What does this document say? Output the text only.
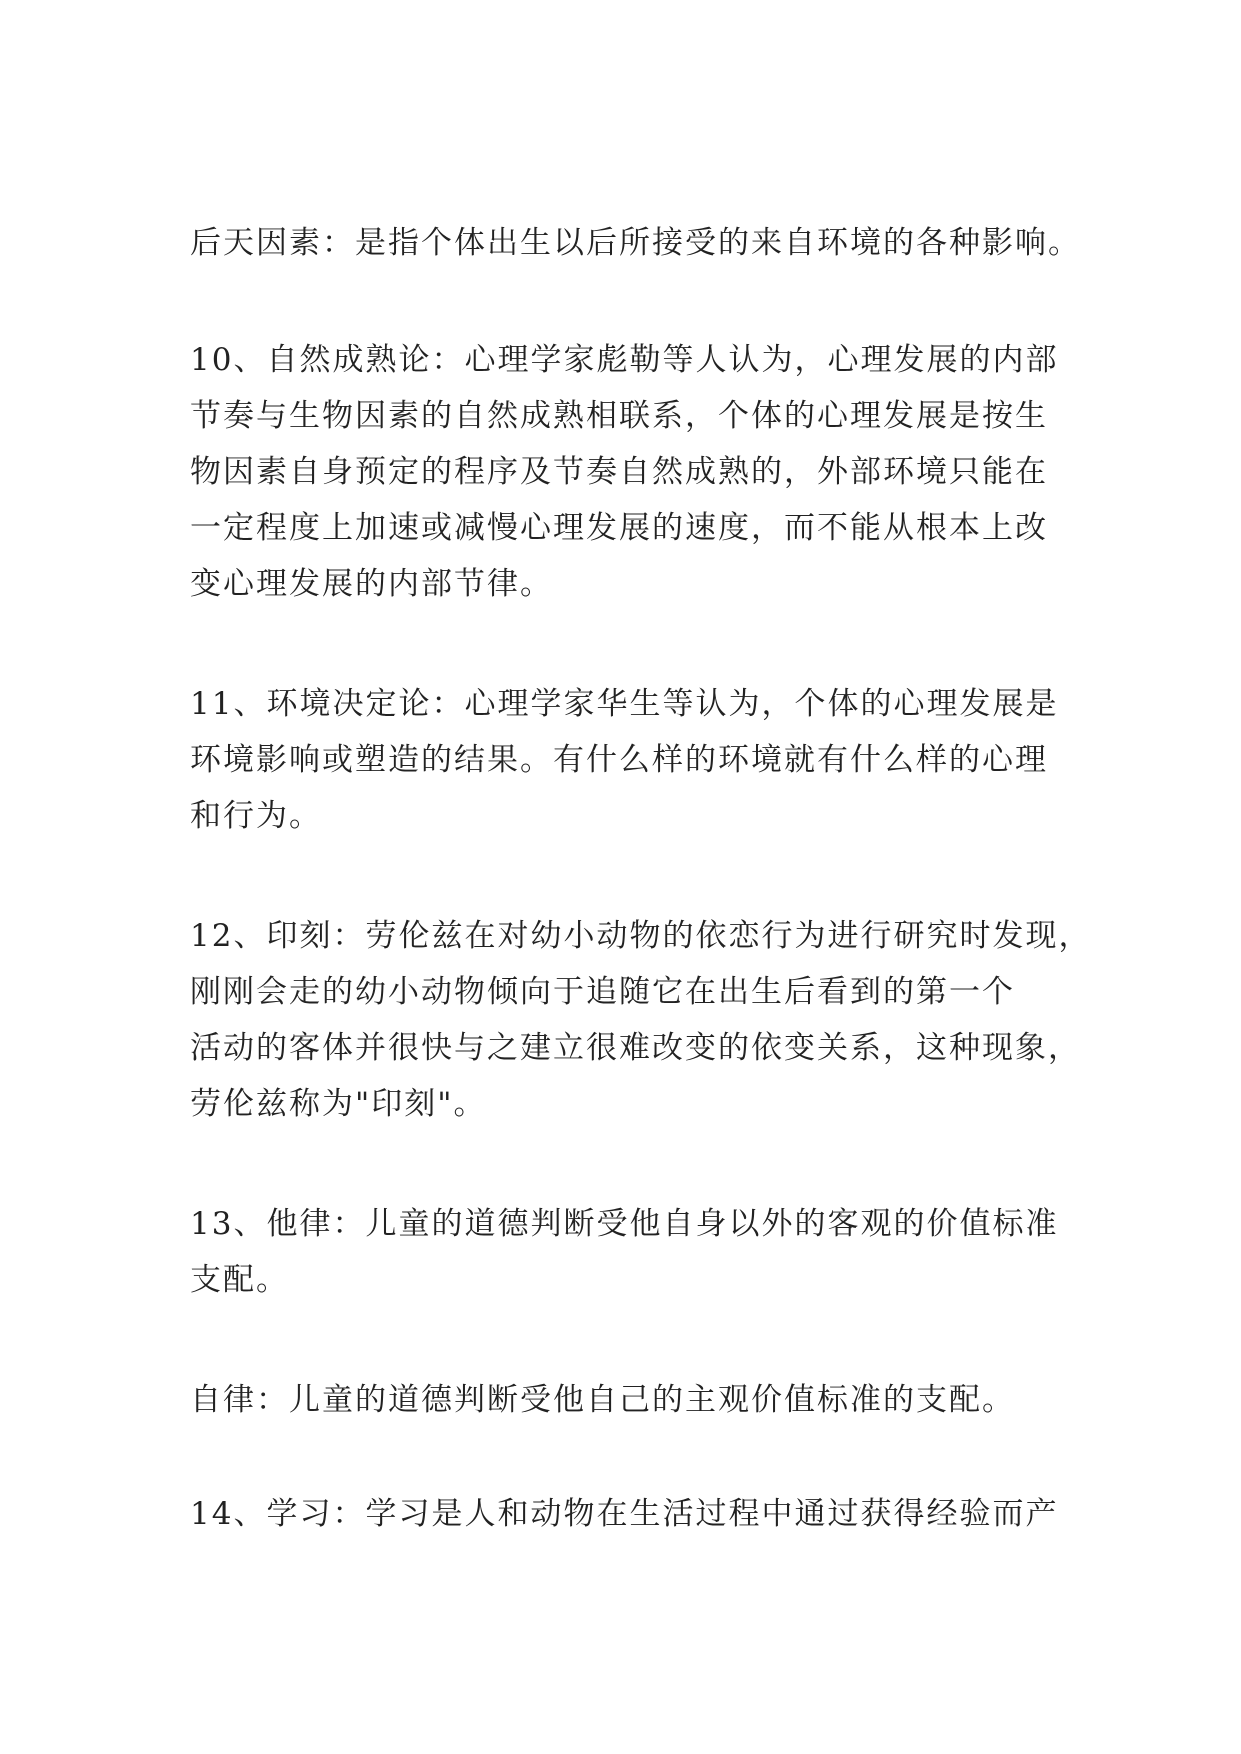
后天因素：是指个体出生以后所接受的来自环境的各种影响。

10、自然成熟论：心理学家彪勒等人认为，心理发展的内部
节奏与生物因素的自然成熟相联系，个体的心理发展是按生
物因素自身预定的程序及节奏自然成熟的，外部环境只能在
一定程度上加速或减慢心理发展的速度，而不能从根本上改
变心理发展的内部节律。

11、环境决定论：心理学家华生等认为，个体的心理发展是
环境影响或塑造的结果。有什么样的环境就有什么样的心理
和行为。

12、印刻：劳伦兹在对幼小动物的依恋行为进行研究时发现，
刚刚会走的幼小动物倾向于追随它在出生后看到的第一个
活动的客体并很快与之建立很难改变的依变关系，这种现象，
劳伦兹称为"印刻"。

13、他律：儿童的道德判断受他自身以外的客观的价值标准
支配。

自律：儿童的道德判断受他自己的主观价值标准的支配。

14、学习：学习是人和动物在生活过程中通过获得经验而产
